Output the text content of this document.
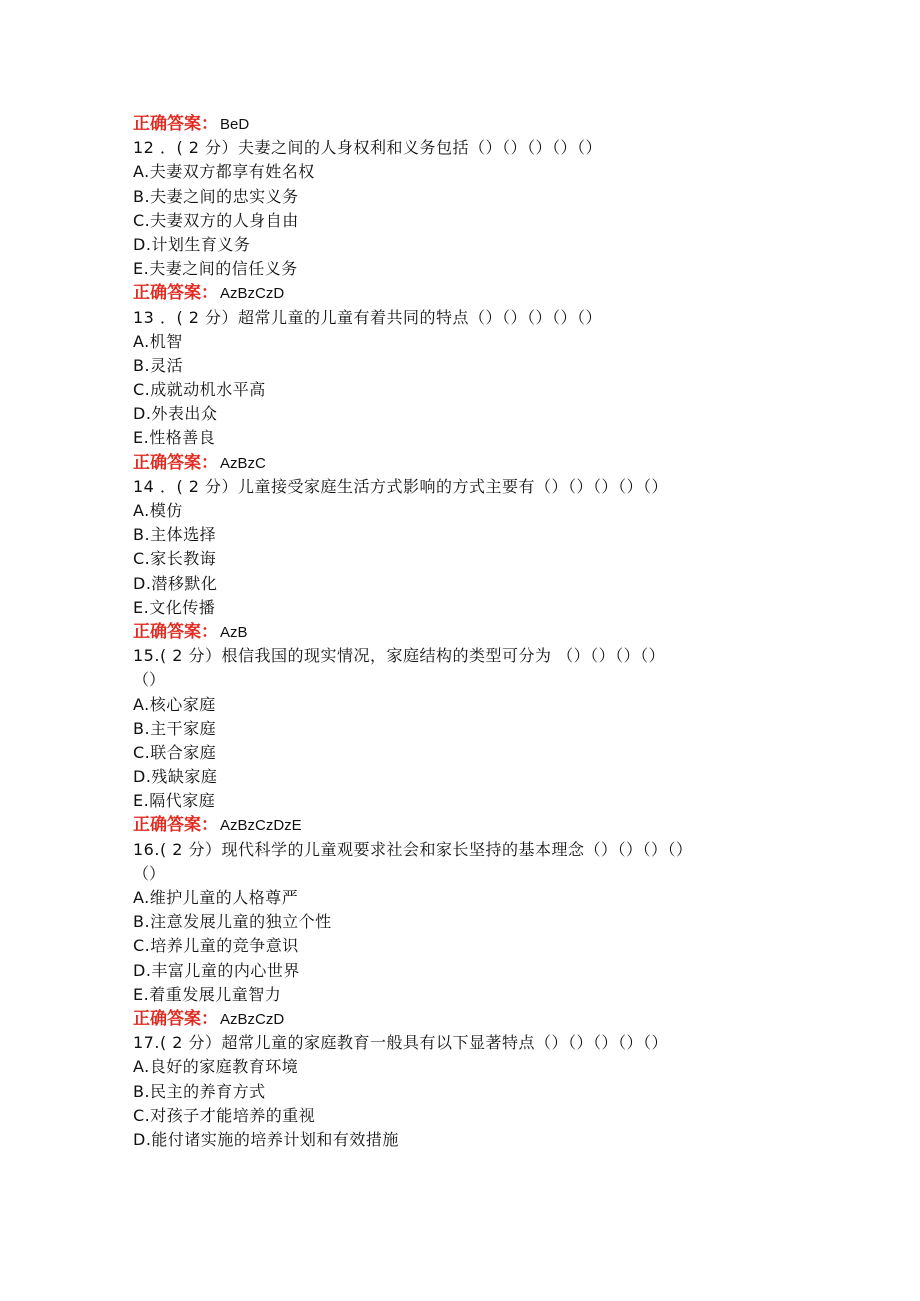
正确答案： BeD
12 ．( 2 分）夫妻之间的人身权利和义务包括（）（）（）（）（）
A.夫妻双方都享有姓名权
B.夫妻之间的忠实义务
C.夫妻双方的人身自由
D.计划生育义务
E.夫妻之间的信任义务
正确答案： AzBzCzD
13 ．( 2 分）超常儿童的儿童有着共同的特点（）（）（）（）（）
A.机智
B.灵活
C.成就动机水平高
D.外表出众
E.性格善良
正确答案： AzBzC
14 ．( 2 分）儿童接受家庭生活方式影响的方式主要有（）（）（）（）（）
A.模仿
B.主体选择
C.家长教诲
D.潜移默化
E.文化传播
正确答案： AzB
15.( 2 分）根信我国的现实情况，家庭结构的类型可分为 （）（）（）（）
（）
A.核心家庭
B.主干家庭
C.联合家庭
D.残缺家庭
E.隔代家庭
正确答案： AzBzCzDzE
16.( 2 分）现代科学的儿童观要求社会和家长坚持的基本理念（）（）（）（）
（）
A.维护儿童的人格尊严
B.注意发展儿童的独立个性
C.培养儿童的竞争意识
D.丰富儿童的内心世界
E.着重发展儿童智力
正确答案： AzBzCzD
17.( 2 分）超常儿童的家庭教育一般具有以下显著特点（）（）（）（）（）
A.良好的家庭教育环境
B.民主的养育方式
C.对孩子才能培养的重视
D.能付诸实施的培养计划和有效措施
